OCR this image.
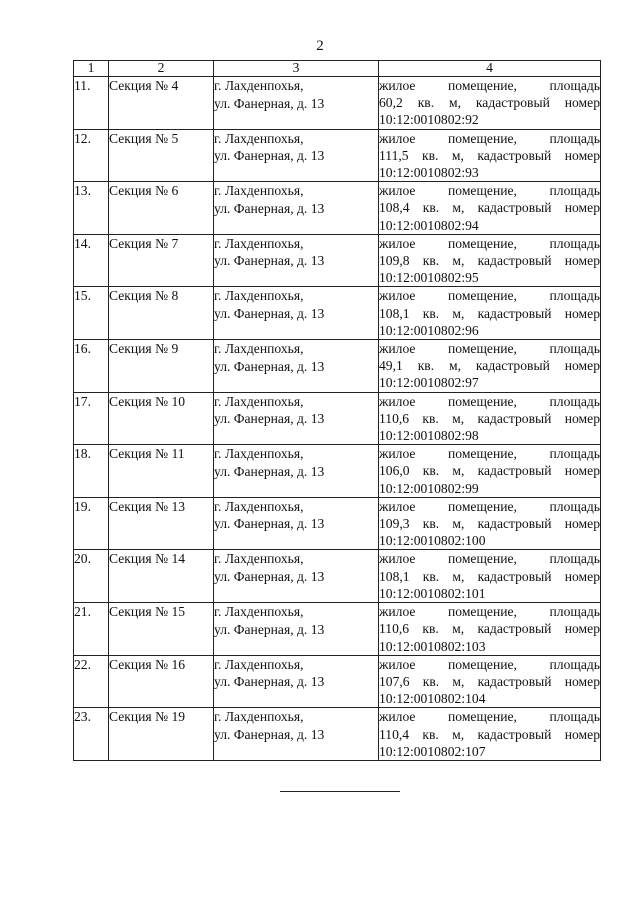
2
1	2	3	4
11.	Секция № 4	г. Лахденпохья,
ул. Фанерная, д. 13	жилое помещение, площадь
60,2 кв. м, кадастровый номер
10:12:0010802:92

12.	Секция № 5	г. Лахденпохья,
ул. Фанерная, д. 13	жилое помещение, площадь
111,5 кв. м, кадастровый номер
10:12:0010802:93

13.	Секция № 6	г. Лахденпохья,
ул. Фанерная, д. 13	жилое помещение, площадь
108,4 кв. м, кадастровый номер
10:12:0010802:94

14.	Секция № 7	г. Лахденпохья,
ул. Фанерная, д. 13	жилое помещение, площадь
109,8 кв. м, кадастровый номер
10:12:0010802:95

15.	Секция № 8	г. Лахденпохья,
ул. Фанерная, д. 13	жилое помещение, площадь
108,1 кв. м, кадастровый номер
10:12:0010802:96

16.	Секция № 9	г. Лахденпохья,
ул. Фанерная, д. 13	жилое помещение, площадь
49,1 кв. м, кадастровый номер
10:12:0010802:97

17.	Секция № 10	г. Лахденпохья,
ул. Фанерная, д. 13	жилое помещение, площадь
110,6 кв. м, кадастровый номер
10:12:0010802:98

18.	Секция № 11	г. Лахденпохья,
ул. Фанерная, д. 13	жилое помещение, площадь
106,0 кв. м, кадастровый номер
10:12:0010802:99

19.	Секция № 13	г. Лахденпохья,
ул. Фанерная, д. 13	жилое помещение, площадь
109,3 кв. м, кадастровый номер
10:12:0010802:100

20.	Секция № 14	г. Лахденпохья,
ул. Фанерная, д. 13	жилое помещение, площадь
108,1 кв. м, кадастровый номер
10:12:0010802:101

21.	Секция № 15	г. Лахденпохья,
ул. Фанерная, д. 13	жилое помещение, площадь
110,6 кв. м, кадастровый номер
10:12:0010802:103

22.	Секция № 16	г. Лахденпохья,
ул. Фанерная, д. 13	жилое помещение, площадь
107,6 кв. м, кадастровый номер
10:12:0010802:104

23.	Секция № 19	г. Лахденпохья,
ул. Фанерная, д. 13	жилое помещение, площадь
110,4 кв. м, кадастровый номер
10:12:0010802:107
